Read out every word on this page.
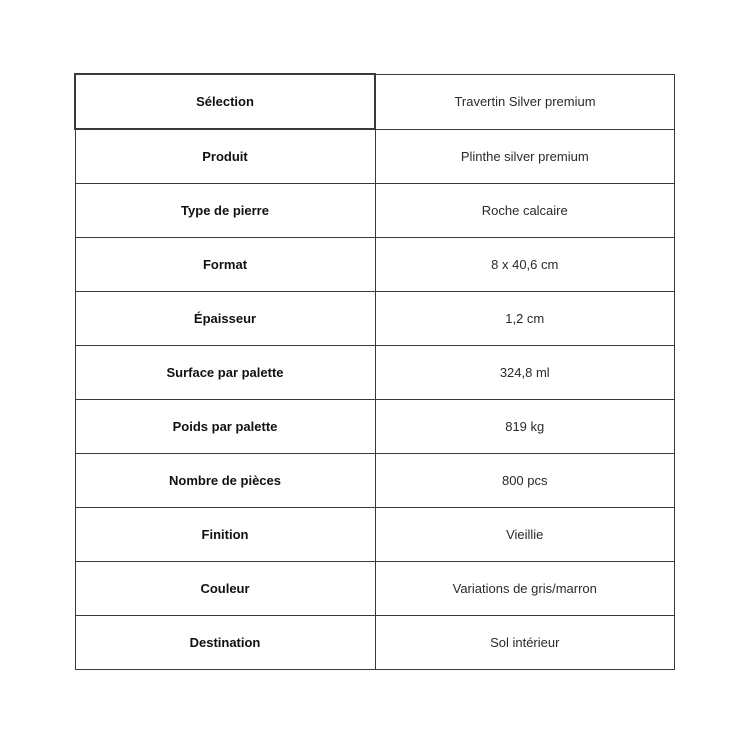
Sélection	Travertin Silver premium
Produit	Plinthe silver premium
Type de pierre	Roche calcaire
Format	8 x 40,6 cm
Épaisseur	1,2 cm
Surface par palette	324,8 ml
Poids par palette	819 kg
Nombre de pièces	800 pcs
Finition	Vieillie
Couleur	Variations de gris/marron
Destination	Sol intérieur
